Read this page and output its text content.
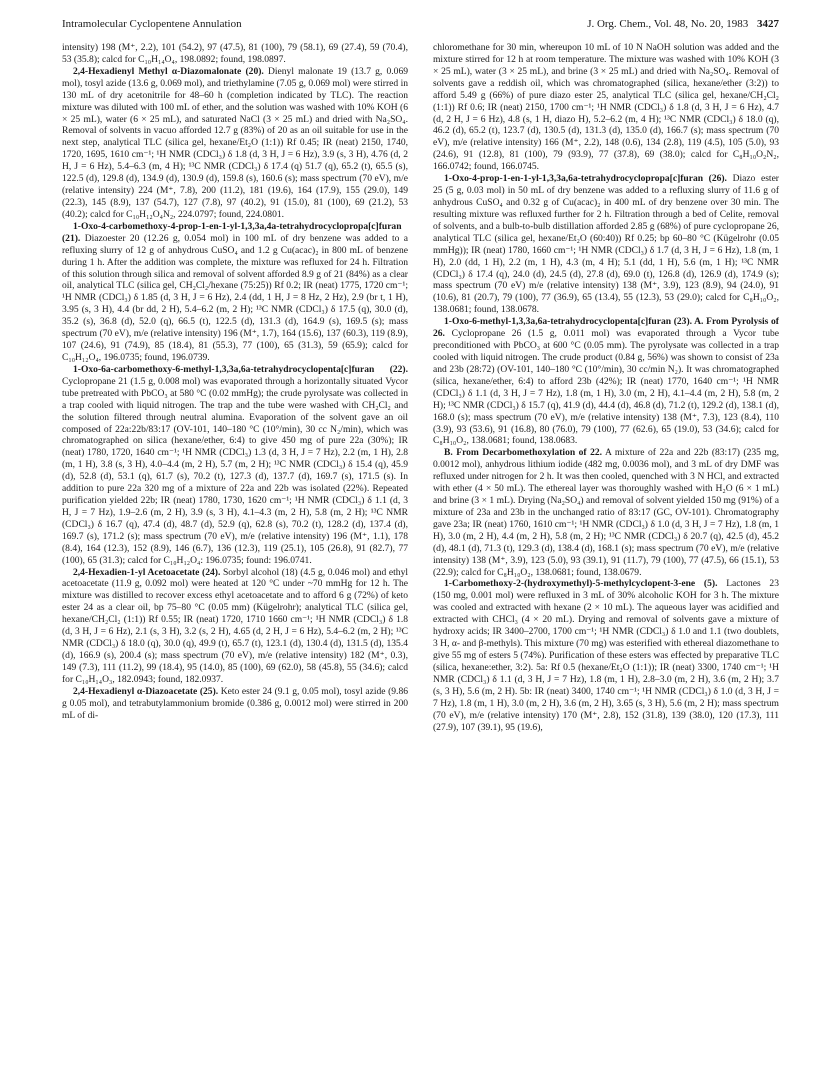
Intramolecular Cyclopentene Annulation	J. Org. Chem., Vol. 48, No. 20, 1983 3427

intensity) 198 (M⁺, 2.2), 101 (54.2), 97 (47.5), 81 (100), 79 (58.1), 69 (27.4), 59 (70.4), 53 (35.8); calcd for C₁₀H₁₄O₄, 198.0892; found, 198.0897.

2,4-Hexadienyl Methyl α-Diazomalonate (20). Dienyl malonate 19 (13.7 g, 0.069 mol), tosyl azide (13.6 g, 0.069 mol), and triethylamine (7.05 g, 0.069 mol) were stirred in 130 mL of dry acetonitrile for 48–60 h (completion indicated by TLC). The reaction mixture was diluted with 100 mL of ether, and the solution was washed with 10% KOH (6 × 25 mL), water (6 × 25 mL), and saturated NaCl (3 × 25 mL) and dried with Na₂SO₄. Removal of solvents in vacuo afforded 12.7 g (83%) of 20 as an oil suitable for use in the next step, analytical TLC (silica gel, hexane/Et₂O (1:1)) Rf 0.45; IR (neat) 2150, 1740, 1720, 1695, 1610 cm⁻¹; ¹H NMR (CDCl₃) δ 1.8 (d, 3 H, J = 6 Hz), 3.9 (s, 3 H), 4.76 (d, 2 H, J = 6 Hz), 5.4–6.3 (m, 4 H); ¹³C NMR (CDCl₃) δ 17.4 (q) 51.7 (q), 65.2 (t), 65.5 (s), 122.5 (d), 129.8 (d), 134.9 (d), 130.9 (d), 159.8 (s), 160.6 (s); mass spectrum (70 eV), m/e (relative intensity) 224 (M⁺, 7.8), 200 (11.2), 181 (19.6), 164 (17.9), 155 (29.0), 149 (22.3), 145 (8.9), 137 (54.7), 127 (7.8), 97 (40.2), 91 (15.0), 81 (100), 69 (21.2), 53 (40.2); calcd for C₁₀H₁₂O₄N₂, 224.0797; found, 224.0801.

1-Oxo-4-carbomethoxy-4-prop-1-en-1-yl-1,3,3a,4a-tetrahydrocyclopropa[c]furan (21). Diazoester 20 (12.26 g, 0.054 mol) in 100 mL of dry benzene was added to a refluxing slurry of 12 g of anhydrous CuSO₄ and 1.2 g Cu(acac)₂ in 800 mL of benzene during 1 h. After the addition was complete, the mixture was refluxed for 24 h. Filtration of this solution through silica and removal of solvent afforded 8.9 g of 21 (84%) as a clear oil, analytical TLC (silica gel, CH₂Cl₂/hexane (75:25)) Rf 0.2; IR (neat) 1775, 1720 cm⁻¹; ¹H NMR (CDCl₃) δ 1.85 (d, 3 H, J = 6 Hz), 2.4 (dd, 1 H, J = 8 Hz, 2 Hz), 2.9 (br t, 1 H), 3.95 (s, 3 H), 4.4 (br dd, 2 H), 5.4–6.2 (m, 2 H); ¹³C NMR (CDCl₃) δ 17.5 (q), 30.0 (d), 35.2 (s), 36.8 (d), 52.0 (q), 66.5 (t), 122.5 (d), 131.3 (d), 164.9 (s), 169.5 (s); mass spectrum (70 eV), m/e (relative intensity) 196 (M⁺, 1.7), 164 (15.6), 137 (60.3), 119 (8.9), 107 (24.6), 91 (74.9), 85 (18.4), 81 (55.3), 77 (100), 65 (31.3), 59 (65.9); calcd for C₁₀H₁₂O₄, 196.0735; found, 196.0739.

1-Oxo-6a-carbomethoxy-6-methyl-1,3,3a,6a-tetrahydrocyclopenta[c]furan (22). Cyclopropane 21 (1.5 g, 0.008 mol) was evaporated through a horizontally situated Vycor tube pretreated with PbCO₃ at 580 °C (0.02 mmHg); the crude pyrolysate was collected in a trap cooled with liquid nitrogen. The trap and the tube were washed with CH₂Cl₂ and the solution filtered through neutral alumina. Evaporation of the solvent gave an oil composed of 22a:22b/83:17 (OV-101, 140–180 °C (10°/min), 30 cc N₂/min), which was chromatographed on silica (hexane/ether, 6:4) to give 450 mg of pure 22a (30%); IR (neat) 1780, 1720, 1640 cm⁻¹; ¹H NMR (CDCl₃) 1.3 (d, 3 H, J = 7 Hz), 2.2 (m, 1 H), 2.8 (m, 1 H), 3.8 (s, 3 H), 4.0–4.4 (m, 2 H), 5.7 (m, 2 H); ¹³C NMR (CDCl₃) δ 15.4 (q), 45.9 (d), 52.8 (d), 53.1 (q), 61.7 (s), 70.2 (t), 127.3 (d), 137.7 (d), 169.7 (s), 171.5 (s). In addition to pure 22a 320 mg of a mixture of 22a and 22b was isolated (22%). Repeated purification yielded 22b; IR (neat) 1780, 1730, 1620 cm⁻¹; ¹H NMR (CDCl₃) δ 1.1 (d, 3 H, J = 7 Hz), 1.9–2.6 (m, 2 H), 3.9 (s, 3 H), 4.1–4.3 (m, 2 H), 5.8 (m, 2 H); ¹³C NMR (CDCl₃) δ 16.7 (q), 47.4 (d), 48.7 (d), 52.9 (q), 62.8 (s), 70.2 (t), 128.2 (d), 137.4 (d), 169.7 (s), 171.2 (s); mass spectrum (70 eV), m/e (relative intensity) 196 (M⁺, 1.1), 178 (8.4), 164 (12.3), 152 (8.9), 146 (6.7), 136 (12.3), 119 (25.1), 105 (26.8), 91 (82.7), 77 (100), 65 (31.3); calcd for C₁₀H₁₂O₄: 196.0735; found: 196.0741.

2,4-Hexadien-1-yl Acetoacetate (24). Sorbyl alcohol (18) (4.5 g, 0.046 mol) and ethyl acetoacetate (11.9 g, 0.092 mol) were heated at 120 °C under ~70 mmHg for 12 h. The mixture was distilled to recover excess ethyl acetoacetate and to afford 6 g (72%) of keto ester 24 as a clear oil, bp 75–80 °C (0.05 mm) (Kügelrohr); analytical TLC (silica gel, hexane/CH₂Cl₂ (1:1)) Rf 0.55; IR (neat) 1720, 1710 1660 cm⁻¹; ¹H NMR (CDCl₃) δ 1.8 (d, 3 H, J = 6 Hz), 2.1 (s, 3 H), 3.2 (s, 2 H), 4.65 (d, 2 H, J = 6 Hz), 5.4–6.2 (m, 2 H); ¹³C NMR (CDCl₃) δ 18.0 (q), 30.0 (q), 49.9 (t), 65.7 (t), 123.1 (d), 130.4 (d), 131.5 (d), 135.4 (d), 166.9 (s), 200.4 (s); mass spectrum (70 eV), m/e (relative intensity) 182 (M⁺, 0.3), 149 (7.3), 111 (11.2), 99 (18.4), 95 (14.0), 85 (100), 69 (62.0), 58 (45.8), 55 (34.6); calcd for C₁₀H₁₄O₃, 182.0943; found, 182.0937.

2,4-Hexadienyl α-Diazoacetate (25). Keto ester 24 (9.1 g, 0.05 mol), tosyl azide (9.86 g 0.05 mol), and tetrabutylammonium bromide (0.386 g, 0.0012 mol) were stirred in 200 mL of di-

chloromethane for 30 min, whereupon 10 mL of 10 N NaOH solution was added and the mixture stirred for 12 h at room temperature. The mixture was washed with 10% KOH (3 × 25 mL), water (3 × 25 mL), and brine (3 × 25 mL) and dried with Na₂SO₄. Removal of solvents gave a reddish oil, which was chromatographed (silica, hexane/ether (3:2)) to afford 5.49 g (66%) of pure diazo ester 25, analytical TLC (silica gel, hexane/CH₂Cl₂ (1:1)) Rf 0.6; IR (neat) 2150, 1700 cm⁻¹; ¹H NMR (CDCl₃) δ 1.8 (d, 3 H, J = 6 Hz), 4.7 (d, 2 H, J = 6 Hz), 4.8 (s, 1 H, diazo H), 5.2–6.2 (m, 4 H); ¹³C NMR (CDCl₃) δ 18.0 (q), 46.2 (d), 65.2 (t), 123.7 (d), 130.5 (d), 131.3 (d), 135.0 (d), 166.7 (s); mass spectrum (70 eV), m/e (relative intensity) 166 (M⁺, 2.2), 148 (0.6), 134 (2.8), 119 (4.5), 105 (5.0), 93 (24.6), 91 (12.8), 81 (100), 79 (93.9), 77 (37.8), 69 (38.0); calcd for C₈H₁₀O₂N₂, 166.0742; found, 166.0745.

1-Oxo-4-prop-1-en-1-yl-1,3,3a,6a-tetrahydrocyclopropa[c]furan (26). Diazo ester 25 (5 g, 0.03 mol) in 50 mL of dry benzene was added to a refluxing slurry of 11.6 g of anhydrous CuSO₄ and 0.32 g of Cu(acac)₂ in 400 mL of dry benzene over 30 min. The resulting mixture was refluxed further for 2 h. Filtration through a bed of Celite, removal of solvents, and a bulb-to-bulb distillation afforded 2.85 g (68%) of pure cyclopropane 26, analytical TLC (silica gel, hexane/Et₂O (60:40)) Rf 0.25; bp 60–80 °C (Kügelrohr (0.05 mmHg)); IR (neat) 1780, 1660 cm⁻¹; ¹H NMR (CDCl₃) δ 1.7 (d, 3 H, J = 6 Hz), 1.8 (m, 1 H), 2.0 (dd, 1 H), 2.2 (m, 1 H), 4.3 (m, 4 H); 5.1 (dd, 1 H), 5.6 (m, 1 H); ¹³C NMR (CDCl₃) δ 17.4 (q), 24.0 (d), 24.5 (d), 27.8 (d), 69.0 (t), 126.8 (d), 126.9 (d), 174.9 (s); mass spectrum (70 eV) m/e (relative intensity) 138 (M⁺, 3.9), 123 (8.9), 94 (24.0), 91 (10.6), 81 (20.7), 79 (100), 77 (36.9), 65 (13.4), 55 (12.3), 53 (29.0); calcd for C₈H₁₀O₂, 138.0681; found, 138.0678.

1-Oxo-6-methyl-1,3,3a,6a-tetrahydrocyclopenta[c]furan (23). A. From Pyrolysis of 26. Cyclopropane 26 (1.5 g, 0.011 mol) was evaporated through a Vycor tube preconditioned with PbCO₃ at 600 °C (0.05 mm). The pyrolysate was collected in a trap cooled with liquid nitrogen. The crude product (0.84 g, 56%) was shown to consist of 23a and 23b (28:72) (OV-101, 140–180 °C (10°/min), 30 cc/min N₂). It was chromatographed (silica, hexane/ether, 6:4) to afford 23b (42%); IR (neat) 1770, 1640 cm⁻¹; ¹H NMR (CDCl₃) δ 1.1 (d, 3 H, J = 7 Hz), 1.8 (m, 1 H), 3.0 (m, 2 H), 4.1–4.4 (m, 2 H), 5.8 (m, 2 H); ¹³C NMR (CDCl₃) δ 15.7 (q), 41.9 (d), 44.4 (d), 46.8 (d), 71.2 (t), 129.2 (d), 138.1 (d), 168.0 (s); mass spectrum (70 eV), m/e (relative intensity) 138 (M⁺, 7.3), 123 (8.4), 110 (3.9), 93 (53.6), 91 (16.8), 80 (76.0), 79 (100), 77 (62.6), 65 (19.0), 53 (34.6); calcd for C₈H₁₀O₂, 138.0681; found, 138.0683.

B. From Decarbomethoxylation of 22. A mixture of 22a and 22b (83:17) (235 mg, 0.0012 mol), anhydrous lithium iodide (482 mg, 0.0036 mol), and 3 mL of dry DMF was refluxed under nitrogen for 2 h. It was then cooled, quenched with 3 N HCl, and extracted with ether (4 × 50 mL). The ethereal layer was thoroughly washed with H₂O (6 × 1 mL) and brine (3 × 1 mL). Drying (Na₂SO₄) and removal of solvent yielded 150 mg (91%) of a mixture of 23a and 23b in the unchanged ratio of 83:17 (GC, OV-101). Chromatography gave 23a; IR (neat) 1760, 1610 cm⁻¹; ¹H NMR (CDCl₃) δ 1.0 (d, 3 H, J = 7 Hz), 1.8 (m, 1 H), 3.0 (m, 2 H), 4.4 (m, 2 H), 5.8 (m, 2 H); ¹³C NMR (CDCl₃) δ 20.7 (q), 42.5 (d), 45.2 (d), 48.1 (d), 71.3 (t), 129.3 (d), 138.4 (d), 168.1 (s); mass spectrum (70 eV), m/e (relative intensity) 138 (M⁺, 3.9), 123 (5.0), 93 (39.1), 91 (11.7), 79 (100), 77 (47.5), 66 (15.1), 53 (22.9); calcd for C₈H₁₀O₂, 138.0681; found, 138.0679.

1-Carbomethoxy-2-(hydroxymethyl)-5-methylcyclopent-3-ene (5). Lactones 23 (150 mg, 0.001 mol) were refluxed in 3 mL of 30% alcoholic KOH for 3 h. The mixture was cooled and extracted with hexane (2 × 10 mL). The aqueous layer was acidified and extracted with CHCl₃ (4 × 20 mL). Drying and removal of solvents gave a mixture of hydroxy acids; IR 3400–2700, 1700 cm⁻¹; ¹H NMR (CDCl₃) δ 1.0 and 1.1 (two doublets, 3 H, α- and β-methyls). This mixture (70 mg) was esterified with ethereal diazomethane to give 55 mg of esters 5 (74%). Purification of these esters was effected by preparative TLC (silica, hexane:ether, 3:2). 5a: Rf 0.5 (hexane/Et₂O (1:1)); IR (neat) 3300, 1740 cm⁻¹; ¹H NMR (CDCl₃) δ 1.1 (d, 3 H, J = 7 Hz), 1.8 (m, 1 H), 2.8–3.0 (m, 2 H), 3.6 (m, 2 H); 3.7 (s, 3 H), 5.6 (m, 2 H). 5b: IR (neat) 3400, 1740 cm⁻¹; ¹H NMR (CDCl₃) δ 1.0 (d, 3 H, J = 7 Hz), 1.8 (m, 1 H), 3.0 (m, 2 H), 3.6 (m, 2 H), 3.65 (s, 3 H), 5.6 (m, 2 H); mass spectrum (70 eV), m/e (relative intensity) 170 (M⁺, 2.8), 152 (31.8), 139 (38.0), 120 (17.3), 111 (27.9), 107 (39.1), 95 (19.6),
